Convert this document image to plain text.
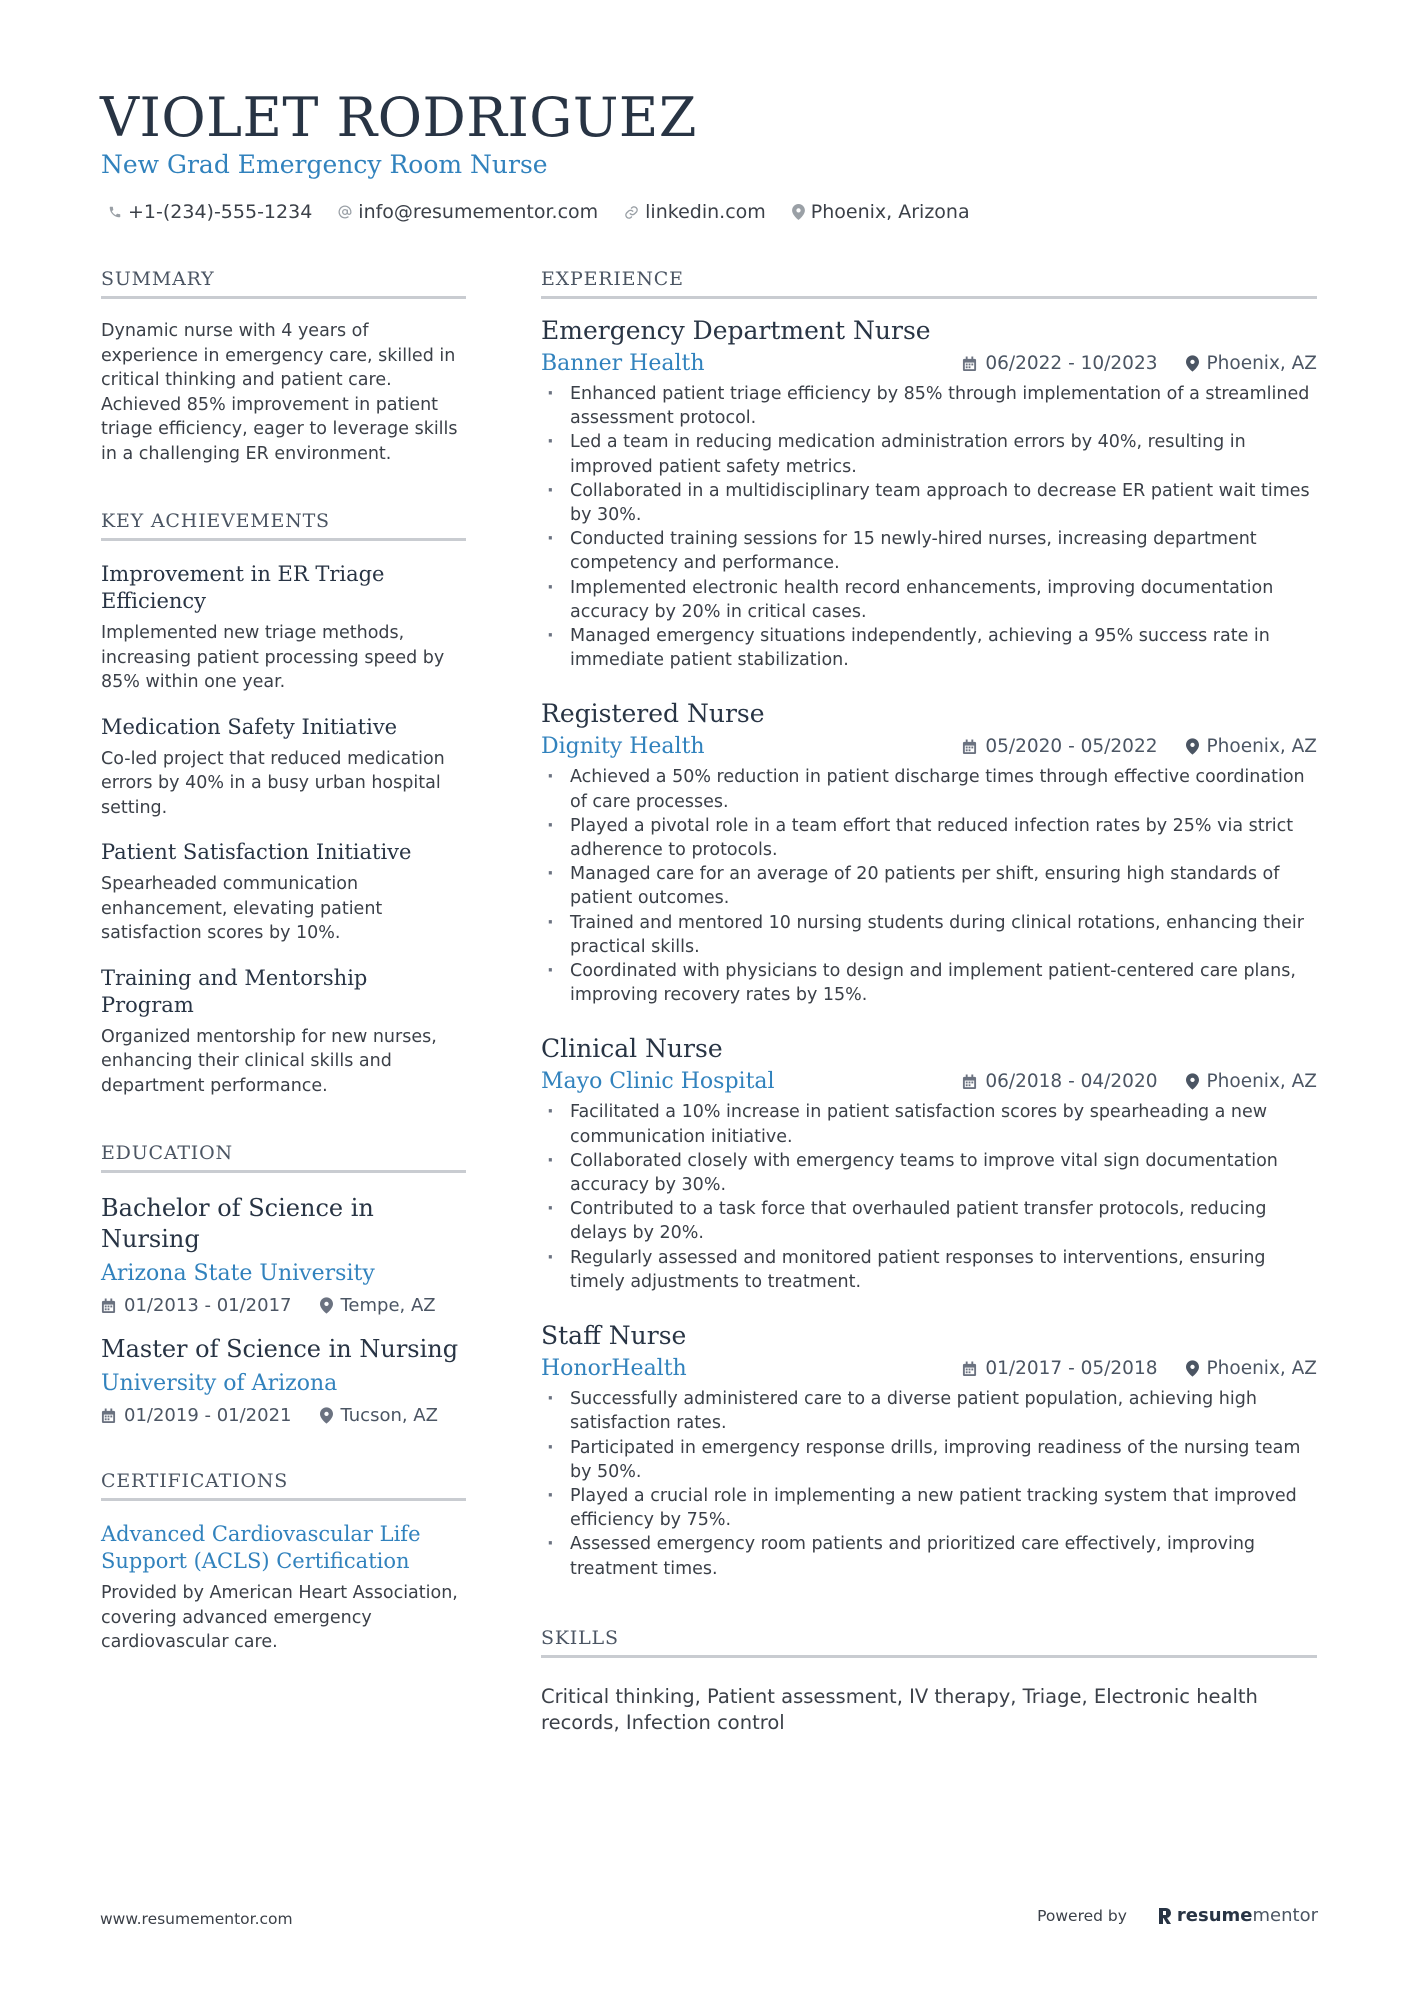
VIOLET RODRIGUEZ
New Grad Emergency Room Nurse
+1-(234)-555-1234 info@resumementor.com linkedin.com Phoenix, Arizona
SUMMARY

Dynamic nurse with 4 years of experience in emergency care, skilled in critical thinking and patient care. Achieved 85% improvement in patient triage efficiency, eager to leverage skills in a challenging ER environment.

KEY ACHIEVEMENTS
Improvement in ER Triage Efficiency
Implemented new triage methods, increasing patient processing speed by 85% within one year.
Medication Safety Initiative
Co-led project that reduced medication errors by 40% in a busy urban hospital setting.
Patient Satisfaction Initiative
Spearheaded communication enhancement, elevating patient satisfaction scores by 10%.
Training and Mentorship Program
Organized mentorship for new nurses, enhancing their clinical skills and department performance.
EDUCATION
Bachelor of Science in Nursing
Arizona State University
01/2013 - 01/2017	Tempe, AZ
Master of Science in Nursing
University of Arizona
01/2019 - 01/2021	Tucson, AZ
CERTIFICATIONS
Advanced Cardiovascular Life Support (ACLS) Certification
Provided by American Heart Association, covering advanced emergency cardiovascular care.
EXPERIENCE
Emergency Department Nurse
Banner Health	06/2022 - 10/2023	Phoenix, AZ
· Enhanced patient triage efficiency by 85% through implementation of a streamlined assessment protocol.
· Led a team in reducing medication administration errors by 40%, resulting in improved patient safety metrics.
· Collaborated in a multidisciplinary team approach to decrease ER patient wait times by 30%.
· Conducted training sessions for 15 newly-hired nurses, increasing department competency and performance.
· Implemented electronic health record enhancements, improving documentation accuracy by 20% in critical cases.
· Managed emergency situations independently, achieving a 95% success rate in immediate patient stabilization.
Registered Nurse
Dignity Health	05/2020 - 05/2022	Phoenix, AZ
· Achieved a 50% reduction in patient discharge times through effective coordination of care processes.
· Played a pivotal role in a team effort that reduced infection rates by 25% via strict adherence to protocols.
· Managed care for an average of 20 patients per shift, ensuring high standards of patient outcomes.
· Trained and mentored 10 nursing students during clinical rotations, enhancing their practical skills.
· Coordinated with physicians to design and implement patient-centered care plans, improving recovery rates by 15%.
Clinical Nurse
Mayo Clinic Hospital	06/2018 - 04/2020	Phoenix, AZ
· Facilitated a 10% increase in patient satisfaction scores by spearheading a new communication initiative.
· Collaborated closely with emergency teams to improve vital sign documentation accuracy by 30%.
· Contributed to a task force that overhauled patient transfer protocols, reducing delays by 20%.
· Regularly assessed and monitored patient responses to interventions, ensuring timely adjustments to treatment.
Staff Nurse
HonorHealth	01/2017 - 05/2018	Phoenix, AZ
· Successfully administered care to a diverse patient population, achieving high satisfaction rates.
· Participated in emergency response drills, improving readiness of the nursing team by 50%.
· Played a crucial role in implementing a new patient tracking system that improved efficiency by 75%.
· Assessed emergency room patients and prioritized care effectively, improving treatment times.
SKILLS

Critical thinking, Patient assessment, IV therapy, Triage, Electronic health records, Infection control

www.resumementor.com	Powered by	resume mentor
